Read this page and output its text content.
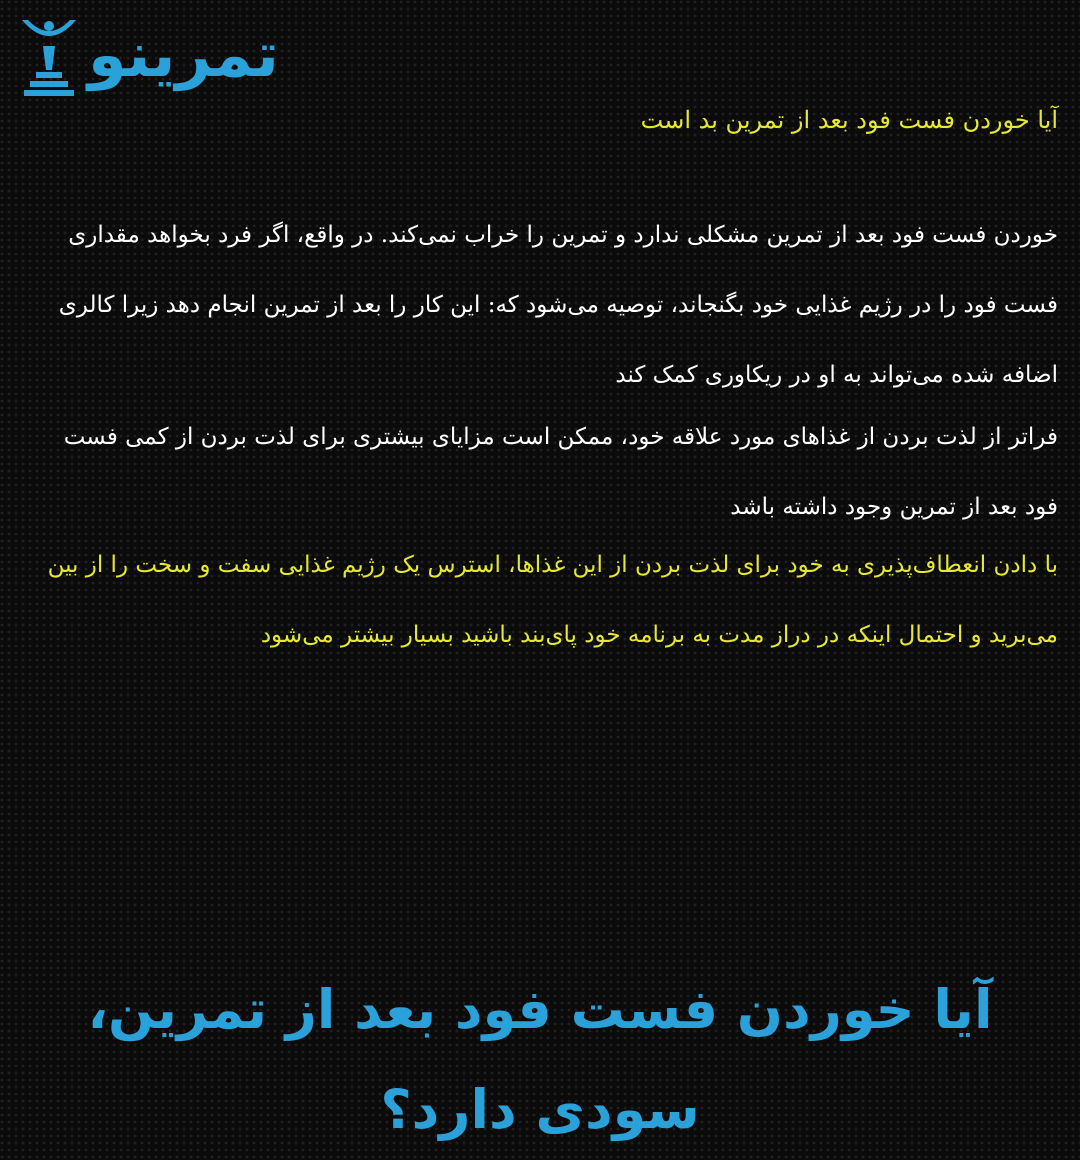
تمرینو
آیا خوردن فست فود بعد از تمرین بد است

خوردن فست فود بعد از تمرین مشکلی ندارد و تمرین را خراب نمی‌کند. در واقع، اگر فرد بخواهد مقداری فست فود را در رژیم غذایی خود بگنجاند، توصیه می‌شود که: این کار را بعد از تمرین انجام دهد زیرا کالری اضافه شده می‌تواند به او در ریکاوری کمک کند

فراتر از لذت بردن از غذاهای مورد علاقه خود، ممکن است مزایای بیشتری برای لذت بردن از کمی فست فود بعد از تمرین وجود داشته باشد

با دادن انعطاف‌پذیری به خود برای لذت بردن از این غذاها، استرس یک رژیم غذایی سفت و سخت را از بین می‌برید و احتمال اینکه در دراز مدت به برنامه خود پای‌بند باشید بسیار بیشتر می‌شود

آیا خوردن فست فود بعد از تمرین، سودی دارد؟
